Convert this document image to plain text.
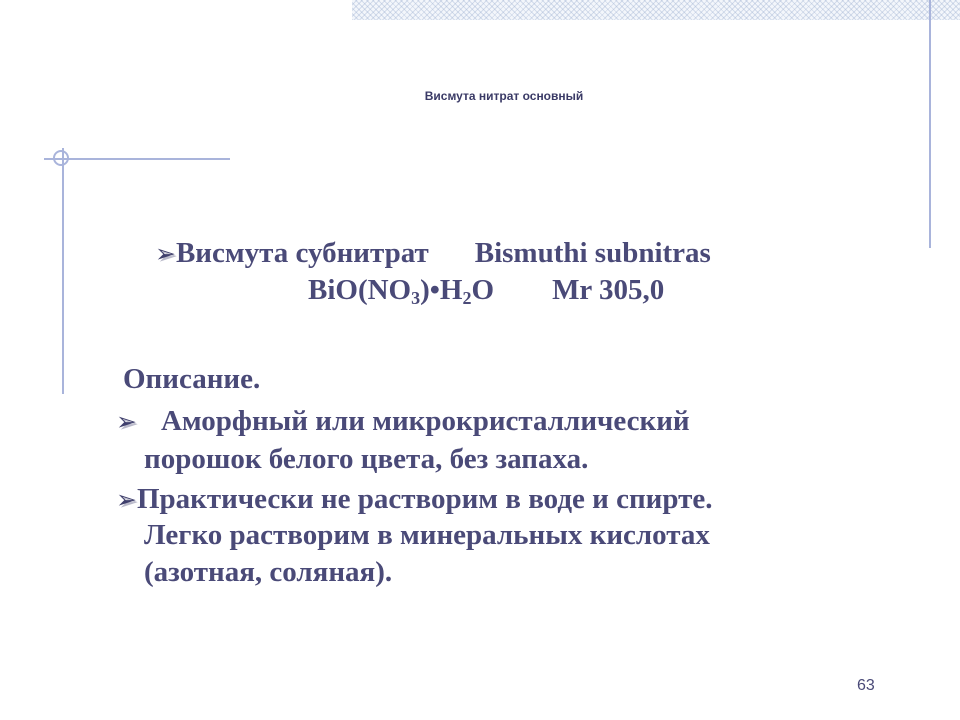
Висмута нитрат основный
➢Висмута субнитрат Bismuthi subnitras
$BiO(NO_3)•H_2O$ Mr 305,0
Описание.
➢ Аморфный или микрокристаллический
порошок белого цвета, без запаха.
➢Практически не растворим в воде и спирте.
Легко растворим в минеральных кислотах
(азотная, соляная).
63
